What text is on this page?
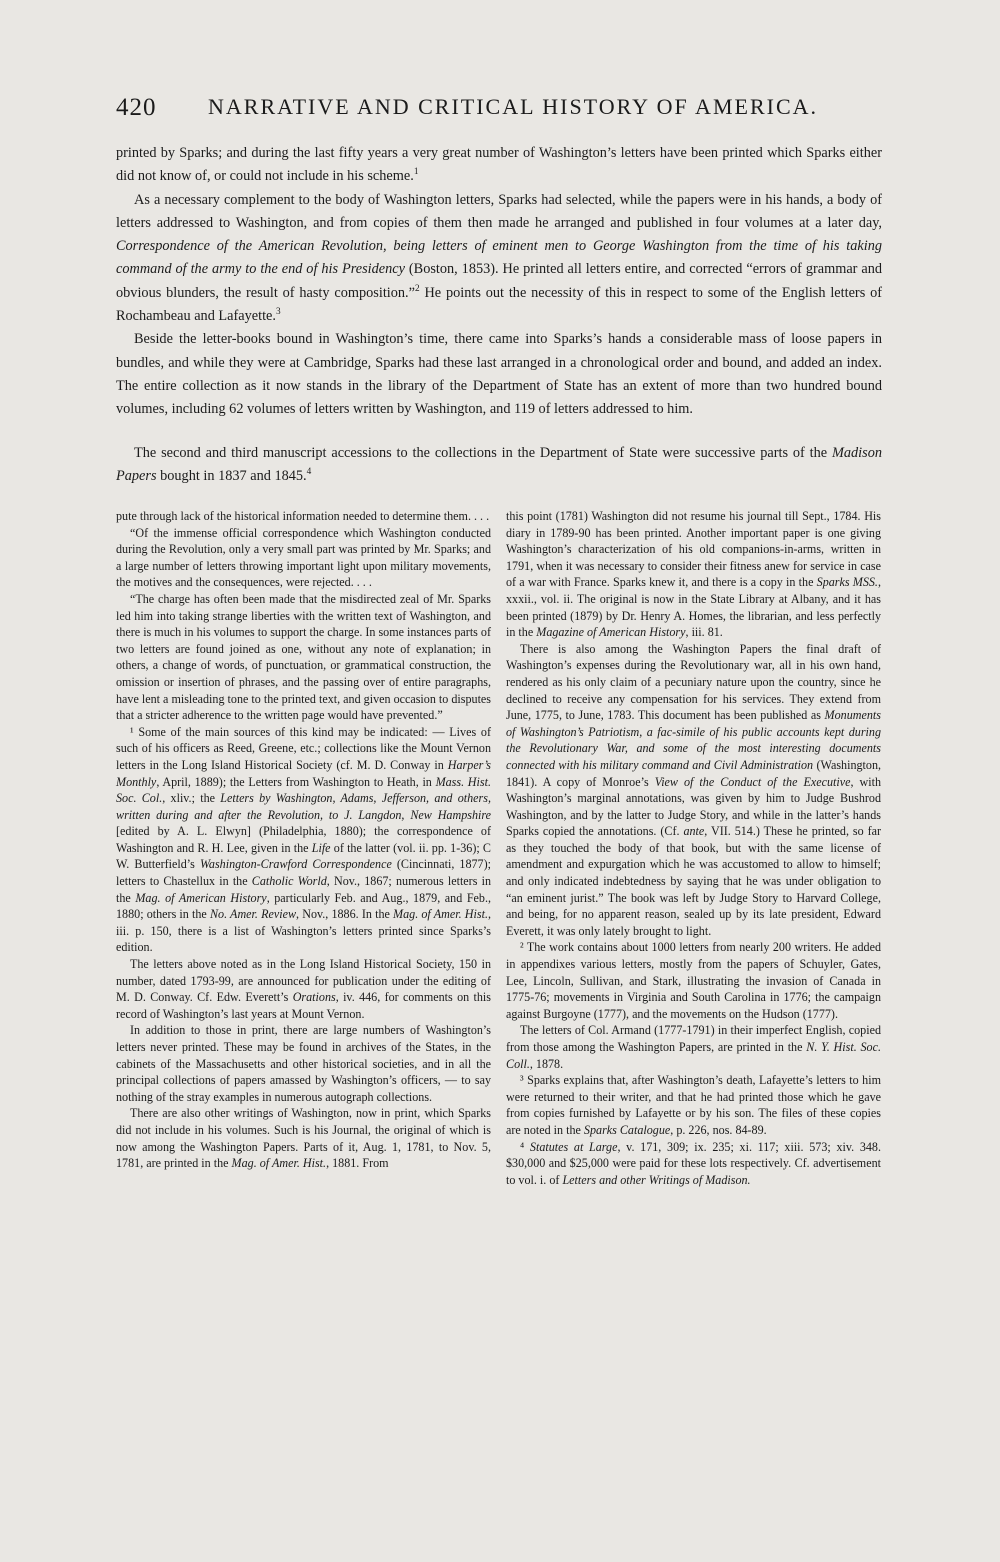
420 NARRATIVE AND CRITICAL HISTORY OF AMERICA.

printed by Sparks; and during the last fifty years a very great number of Washington’s letters have been printed which Sparks either did not know of, or could not include in his scheme.$^1$

As a necessary complement to the body of Washington letters, Sparks had selected, while the papers were in his hands, a body of letters addressed to Washington, and from copies of them then made he arranged and published in four volumes at a later day, Correspondence of the American Revolution, being letters of eminent men to George Washington from the time of his taking command of the army to the end of his Presidency (Boston, 1853). He printed all letters entire, and corrected “errors of grammar and obvious blunders, the result of hasty composition.”$^2$ He points out the necessity of this in respect to some of the English letters of Rochambeau and Lafayette.$^3$

Beside the letter-books bound in Washington’s time, there came into Sparks’s hands a considerable mass of loose papers in bundles, and while they were at Cambridge, Sparks had these last arranged in a chronological order and bound, and added an index. The entire collection as it now stands in the library of the Department of State has an extent of more than two hundred bound volumes, including 62 volumes of letters written by Washington, and 119 of letters addressed to him.

The second and third manuscript accessions to the collections in the Department of State were successive parts of the Madison Papers bought in 1837 and 1845.$^4$

pute through lack of the historical information needed to determine them. . . .

“Of the immense official correspondence which Washington conducted during the Revolution, only a very small part was printed by Mr. Sparks; and a large number of letters throwing important light upon military movements, the motives and the consequences, were rejected. . . .

“The charge has often been made that the misdirected zeal of Mr. Sparks led him into taking strange liberties with the written text of Washington, and there is much in his volumes to support the charge. In some instances parts of two letters are found joined as one, without any note of explanation; in others, a change of words, of punctuation, or grammatical construction, the omission or insertion of phrases, and the passing over of entire paragraphs, have lent a misleading tone to the printed text, and given occasion to disputes that a stricter adherence to the written page would have prevented.”

¹ Some of the main sources of this kind may be indicated: — Lives of such of his officers as Reed, Greene, etc.; collections like the Mount Vernon letters in the Long Island Historical Society (cf. M. D. Conway in Harper’s Monthly, April, 1889); the Letters from Washington to Heath, in Mass. Hist. Soc. Col., xliv.; the Letters by Washington, Adams, Jefferson, and others, written during and after the Revolution, to J. Langdon, New Hampshire [edited by A. L. Elwyn] (Philadelphia, 1880); the correspondence of Washington and R. H. Lee, given in the Life of the latter (vol. ii. pp. 1-36); C W. Butterfield’s Washington-Crawford Correspondence (Cincinnati, 1877); letters to Chastellux in the Catholic World, Nov., 1867; numerous letters in the Mag. of American History, particularly Feb. and Aug., 1879, and Feb., 1880; others in the No. Amer. Review, Nov., 1886. In the Mag. of Amer. Hist., iii. p. 150, there is a list of Washington’s letters printed since Sparks’s edition.

The letters above noted as in the Long Island Historical Society, 150 in number, dated 1793-99, are announced for publication under the editing of M. D. Conway. Cf. Edw. Everett’s Orations, iv. 446, for comments on this record of Washington’s last years at Mount Vernon.

In addition to those in print, there are large numbers of Washington’s letters never printed. These may be found in archives of the States, in the cabinets of the Massachusetts and other historical societies, and in all the principal collections of papers amassed by Washington’s officers, — to say nothing of the stray examples in numerous autograph collections.

There are also other writings of Washington, now in print, which Sparks did not include in his volumes. Such is his Journal, the original of which is now among the Washington Papers. Parts of it, Aug. 1, 1781, to Nov. 5, 1781, are printed in the Mag. of Amer. Hist., 1881. From

this point (1781) Washington did not resume his journal till Sept., 1784. His diary in 1789-90 has been printed. Another important paper is one giving Washington’s characterization of his old companions-in-arms, written in 1791, when it was necessary to consider their fitness anew for service in case of a war with France. Sparks knew it, and there is a copy in the Sparks MSS., xxxii., vol. ii. The original is now in the State Library at Albany, and it has been printed (1879) by Dr. Henry A. Homes, the librarian, and less perfectly in the Magazine of American History, iii. 81.

There is also among the Washington Papers the final draft of Washington’s expenses during the Revolutionary war, all in his own hand, rendered as his only claim of a pecuniary nature upon the country, since he declined to receive any compensation for his services. They extend from June, 1775, to June, 1783. This document has been published as Monuments of Washington’s Patriotism, a fac-simile of his public accounts kept during the Revolutionary War, and some of the most interesting documents connected with his military command and Civil Administration (Washington, 1841). A copy of Monroe’s View of the Conduct of the Executive, with Washington’s marginal annotations, was given by him to Judge Bushrod Washington, and by the latter to Judge Story, and while in the latter’s hands Sparks copied the annotations. (Cf. ante, VII. 514.) These he printed, so far as they touched the body of that book, but with the same license of amendment and expurgation which he was accustomed to allow to himself; and only indicated indebtedness by saying that he was under obligation to “an eminent jurist.” The book was left by Judge Story to Harvard College, and being, for no apparent reason, sealed up by its late president, Edward Everett, it was only lately brought to light.

² The work contains about 1000 letters from nearly 200 writers. He added in appendixes various letters, mostly from the papers of Schuyler, Gates, Lee, Lincoln, Sullivan, and Stark, illustrating the invasion of Canada in 1775-76; movements in Virginia and South Carolina in 1776; the campaign against Burgoyne (1777), and the movements on the Hudson (1777).

The letters of Col. Armand (1777-1791) in their imperfect English, copied from those among the Washington Papers, are printed in the N. Y. Hist. Soc. Coll., 1878.

³ Sparks explains that, after Washington’s death, Lafayette’s letters to him were returned to their writer, and that he had printed those which he gave from copies furnished by Lafayette or by his son. The files of these copies are noted in the Sparks Catalogue, p. 226, nos. 84-89.

⁴ Statutes at Large, v. 171, 309; ix. 235; xi. 117; xiii. 573; xiv. 348. $30,000 and $25,000 were paid for these lots respectively. Cf. advertisement to vol. i. of Letters and other Writings of Madison.
